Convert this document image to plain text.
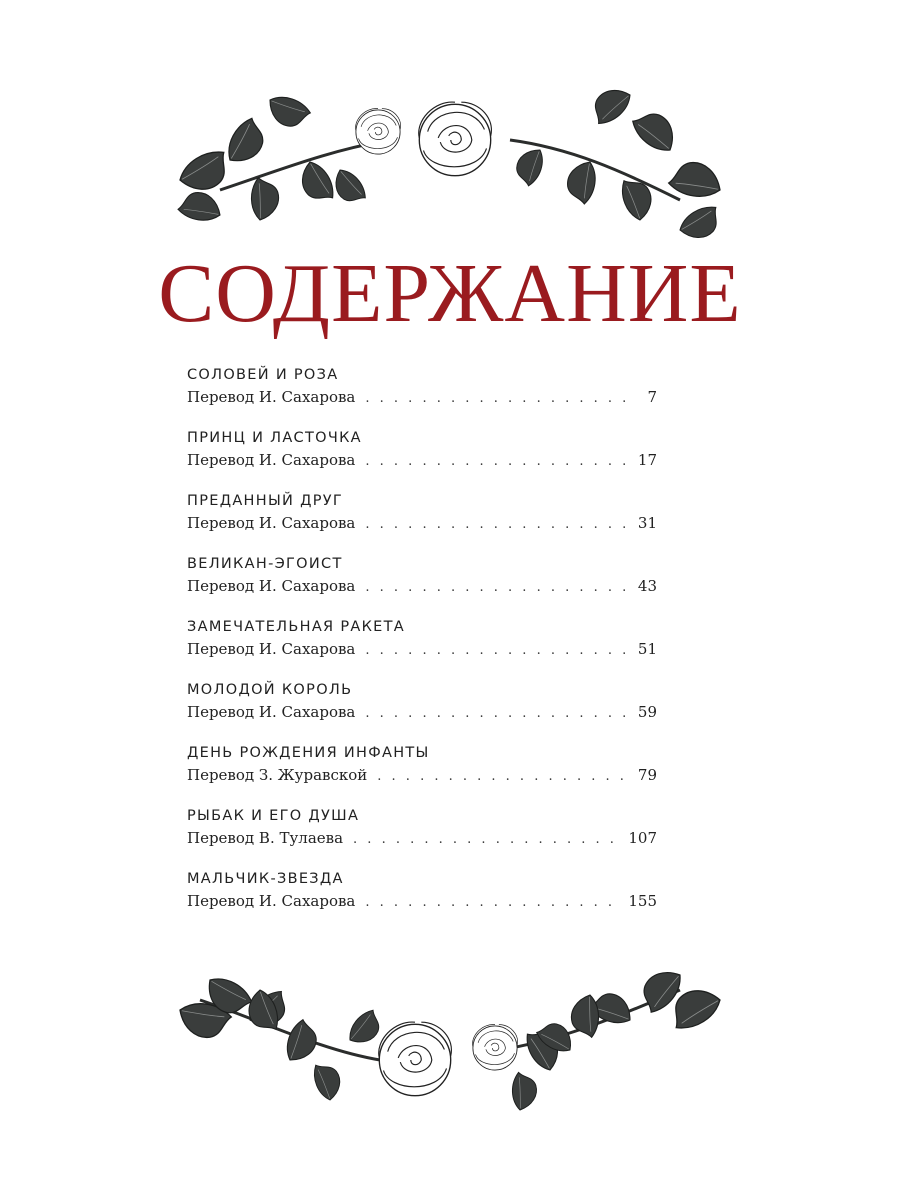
СОДЕРЖАНИЕ
СОЛОВЕЙ И РОЗА
Перевод И. Сахарова . . .	7
ПРИНЦ И ЛАСТОЧКА
Перевод И. Сахарова . . .	17
ПРЕДАННЫЙ ДРУГ
Перевод И. Сахарова . . .	31
ВЕЛИКАН-ЭГОИСТ
Перевод И. Сахарова . . .	43
ЗАМЕЧАТЕЛЬНАЯ РАКЕТА
Перевод И. Сахарова . . .	51
МОЛОДОЙ КОРОЛЬ
Перевод И. Сахарова . . .	59
ДЕНЬ РОЖДЕНИЯ ИНФАНТЫ
Перевод З. Журавской . . .	79
РЫБАК И ЕГО ДУША
Перевод В. Тулаева . . .	107
МАЛЬЧИК-ЗВЕЗДА
Перевод И. Сахарова . . .	155
